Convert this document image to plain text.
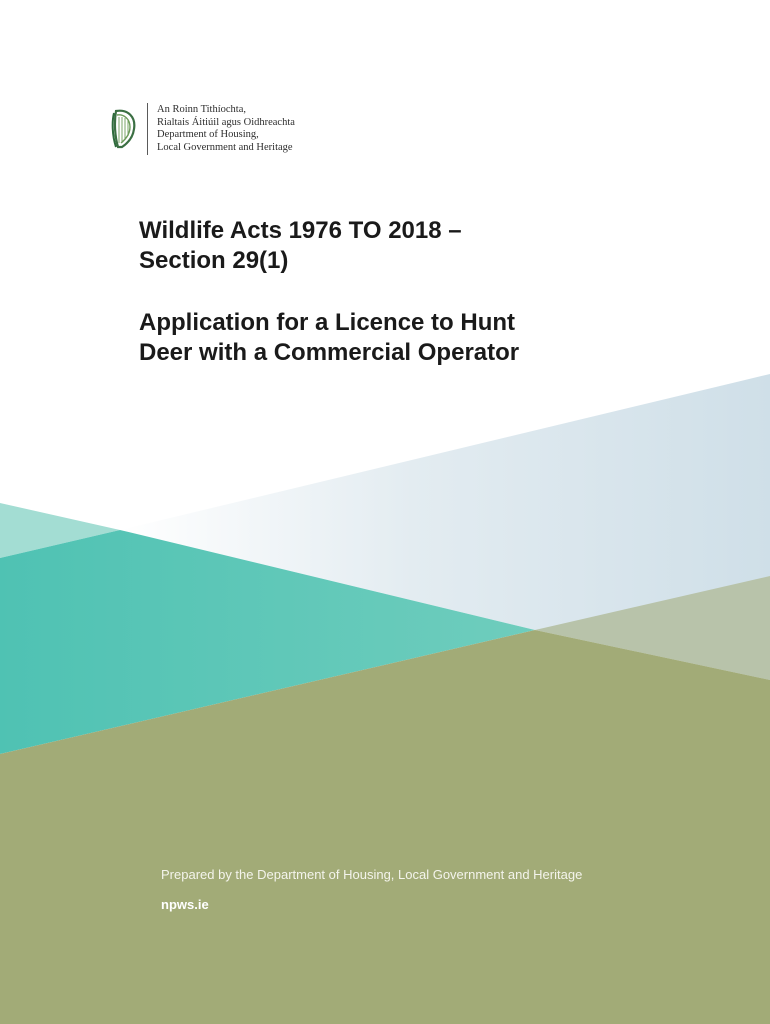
An Roinn Tithíochta,
Rialtais Áitiúil agus Oidhreachta
Department of Housing,
Local Government and Heritage
Wildlife Acts 1976 TO 2018 –
Section 29(1)
Application for a Licence to Hunt
Deer with a Commercial Operator
Prepared by the Department of Housing, Local Government and Heritage
npws.ie
